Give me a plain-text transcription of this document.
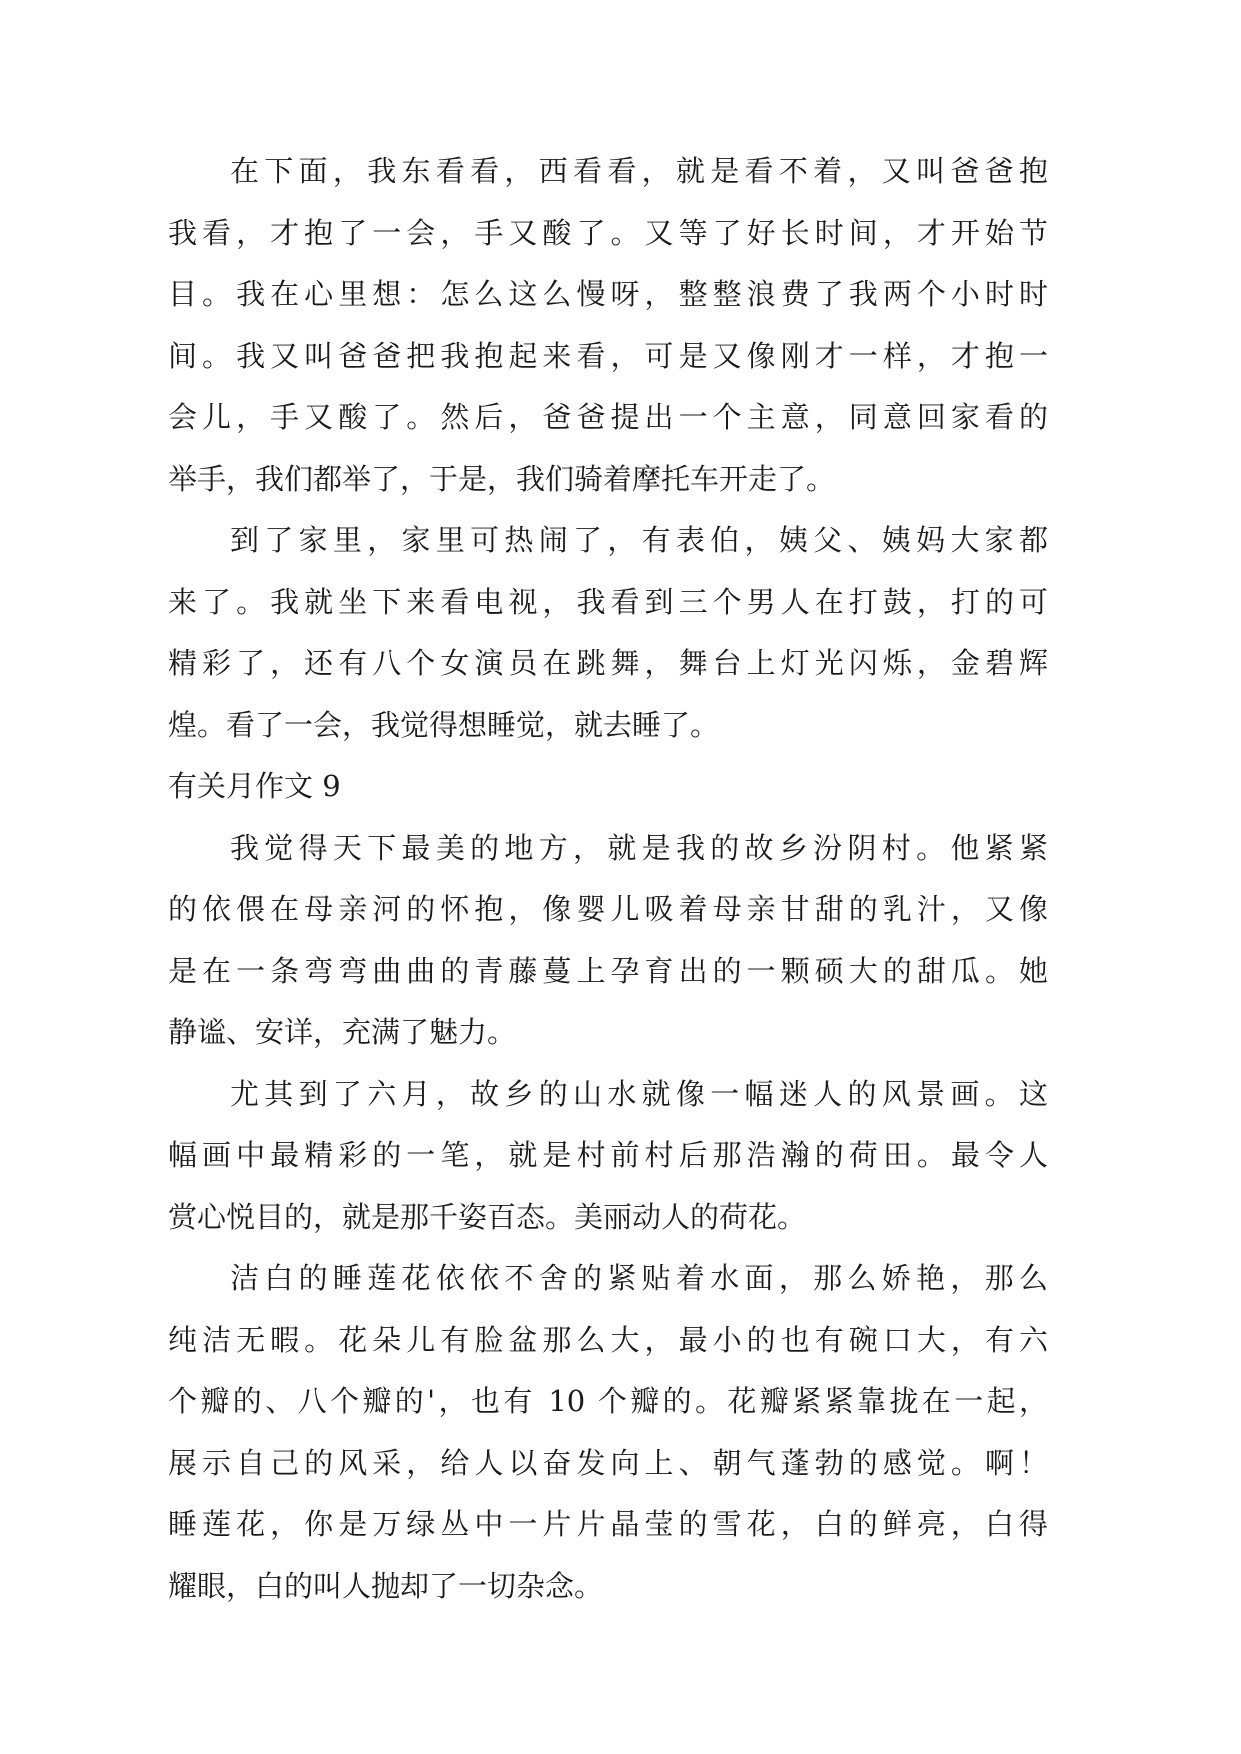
在下面，我东看看，西看看，就是看不着，又叫爸爸抱
我看，才抱了一会，手又酸了。又等了好长时间，才开始节
目。我在心里想：怎么这么慢呀，整整浪费了我两个小时时
间。我又叫爸爸把我抱起来看，可是又像刚才一样，才抱一
会儿，手又酸了。然后，爸爸提出一个主意，同意回家看的
举手，我们都举了，于是，我们骑着摩托车开走了。
到了家里，家里可热闹了，有表伯，姨父、姨妈大家都
来了。我就坐下来看电视，我看到三个男人在打鼓，打的可
精彩了，还有八个女演员在跳舞，舞台上灯光闪烁，金碧辉
煌。看了一会，我觉得想睡觉，就去睡了。
有关月作文 9
我觉得天下最美的地方，就是我的故乡汾阴村。他紧紧
的依偎在母亲河的怀抱，像婴儿吸着母亲甘甜的乳汁，又像
是在一条弯弯曲曲的青藤蔓上孕育出的一颗硕大的甜瓜。她
静谧、安详，充满了魅力。
尤其到了六月，故乡的山水就像一幅迷人的风景画。这
幅画中最精彩的一笔，就是村前村后那浩瀚的荷田。最令人
赏心悦目的，就是那千姿百态。美丽动人的荷花。
洁白的睡莲花依依不舍的紧贴着水面，那么娇艳，那么
纯洁无暇。花朵儿有脸盆那么大，最小的也有碗口大，有六
个瓣的、八个瓣的'，也有 10 个瓣的。花瓣紧紧靠拢在一起，
展示自己的风采，给人以奋发向上、朝气蓬勃的感觉。啊！
睡莲花，你是万绿丛中一片片晶莹的雪花，白的鲜亮，白得
耀眼，白的叫人抛却了一切杂念。
